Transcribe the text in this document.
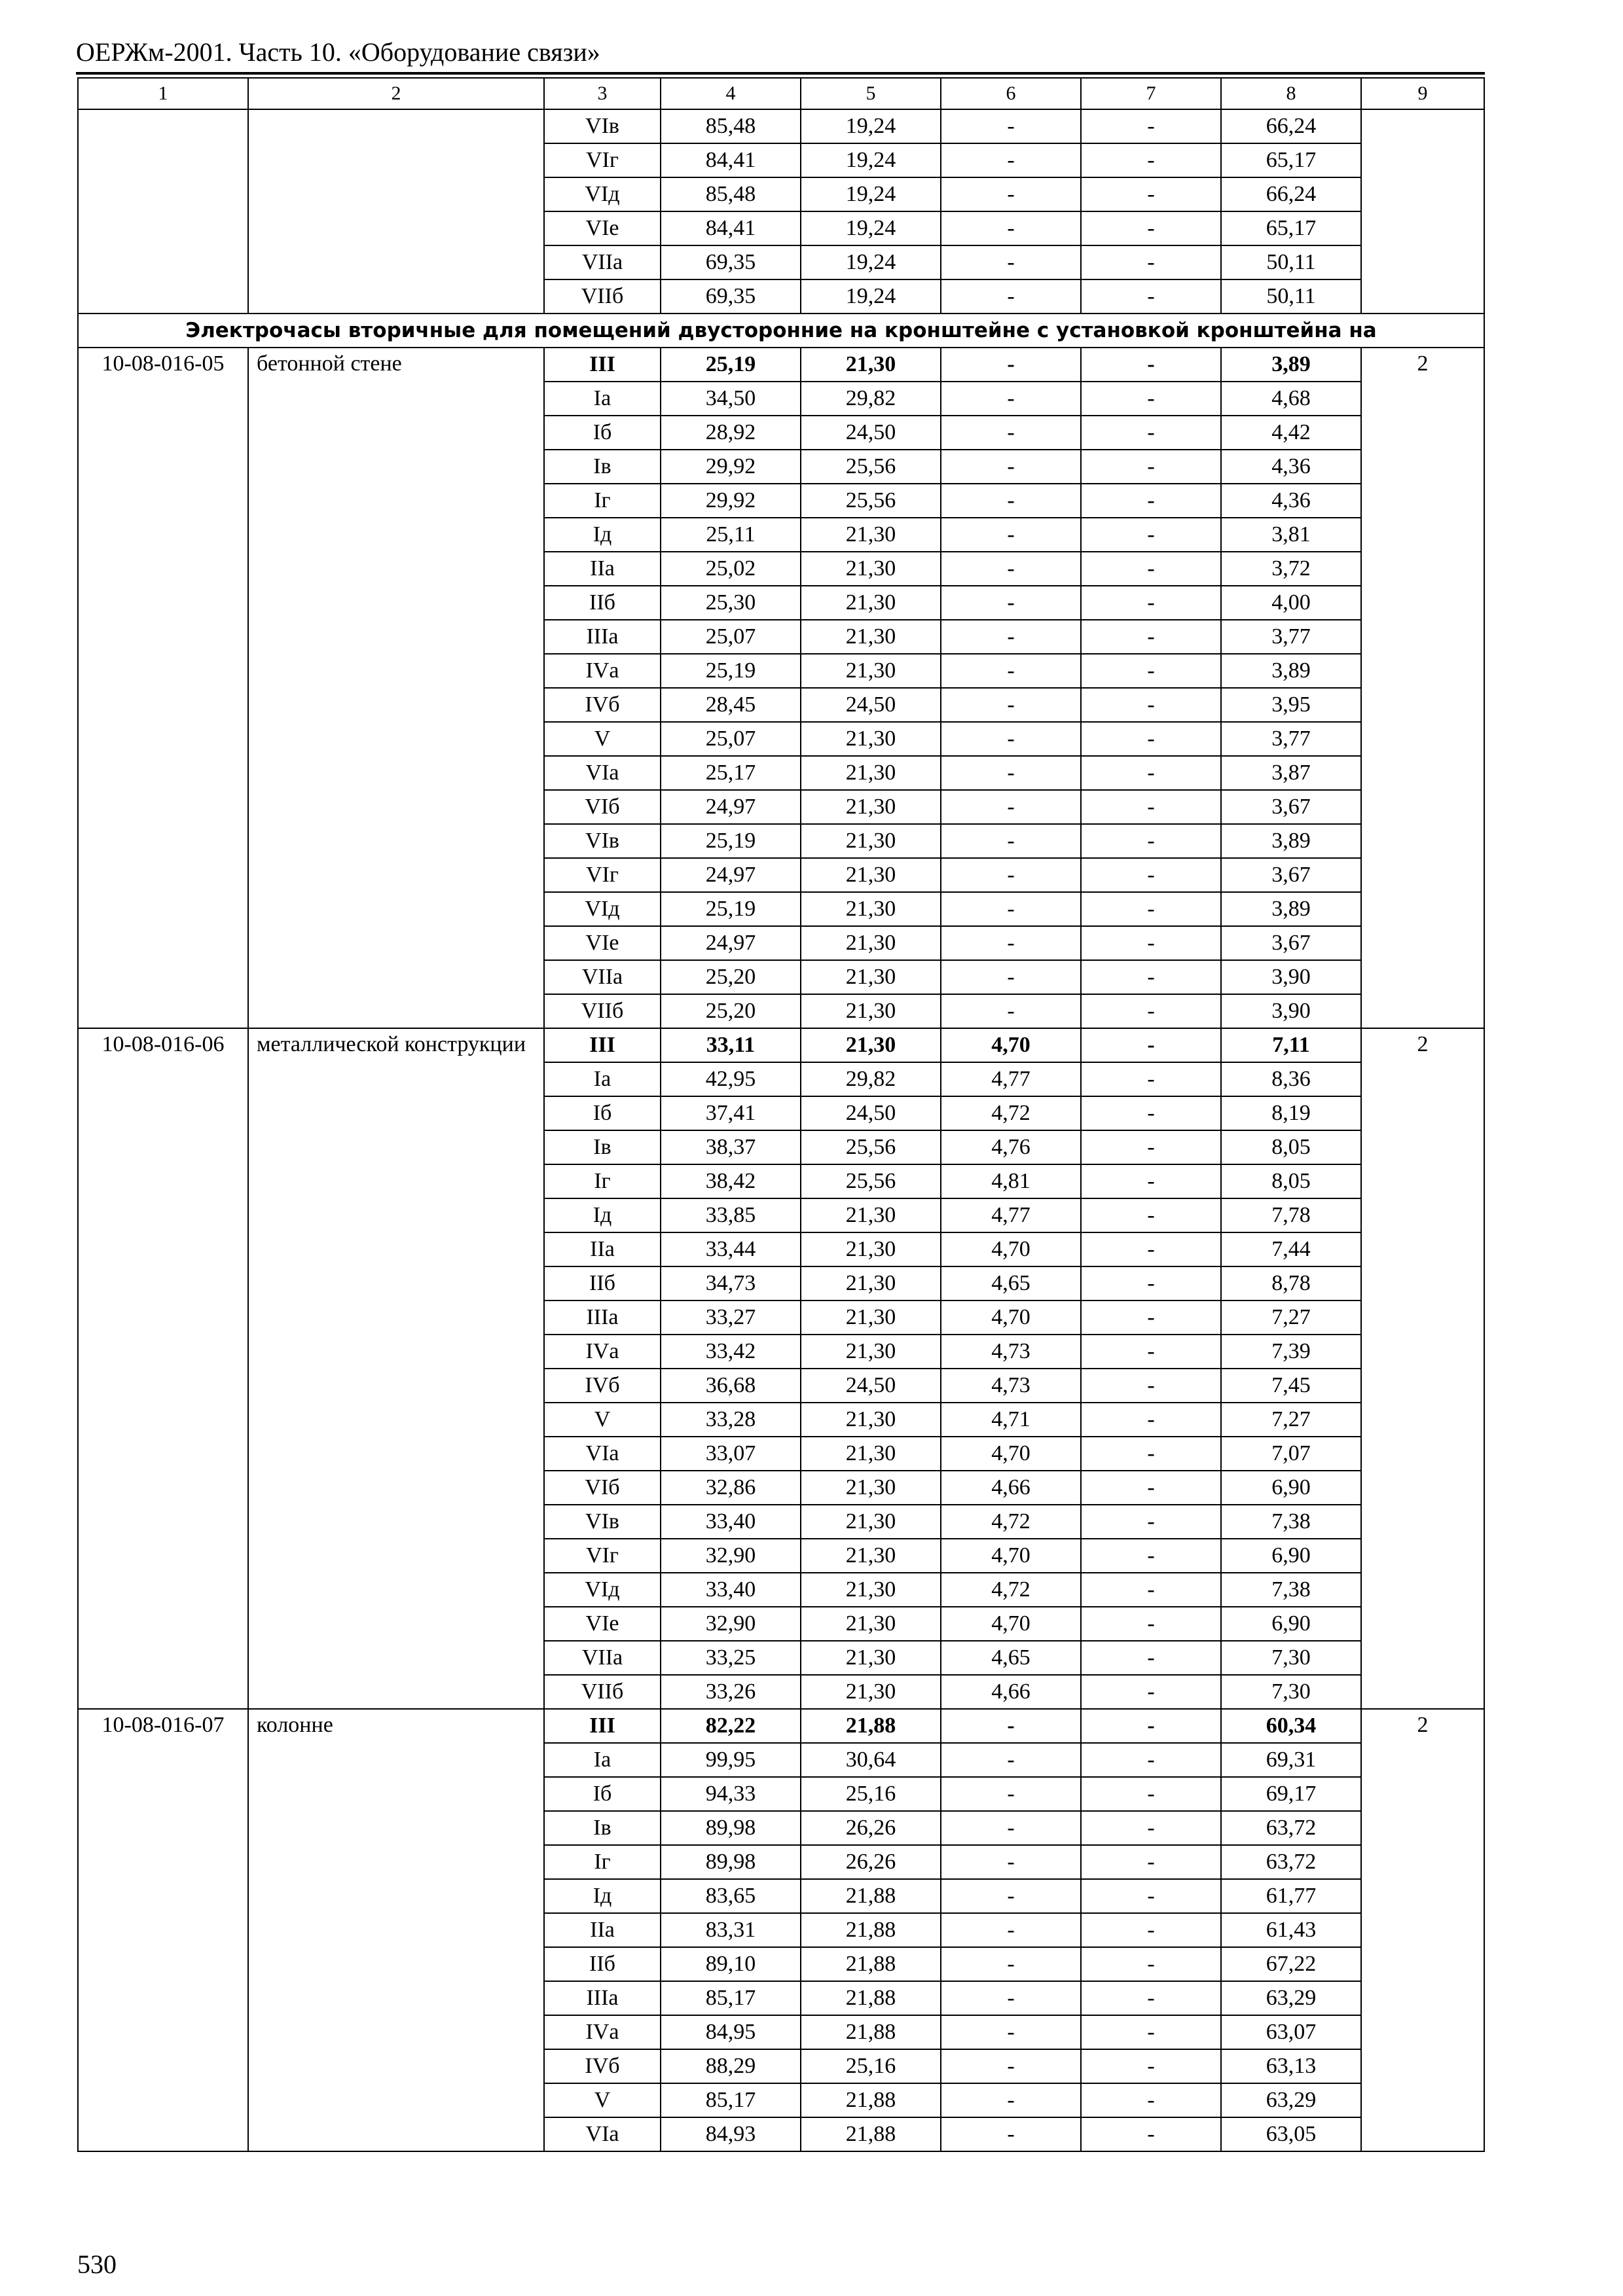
ОЕРЖм-2001. Часть 10. «Оборудование связи»
1	2	3	4	5	6	7	8	9
		VIв	85,48	19,24	-	-	66,24	
		VIг	84,41	19,24	-	-	65,17	
		VIд	85,48	19,24	-	-	66,24	
		VIе	84,41	19,24	-	-	65,17	
		VIIа	69,35	19,24	-	-	50,11	
		VIIб	69,35	19,24	-	-	50,11	
Электрочасы вторичные для помещений двусторонние на кронштейне с установкой кронштейна на								
10-08-016-05	бетонной стене	III	25,19	21,30	-	-	3,89	2
		Iа	34,50	29,82	-	-	4,68	
		Iб	28,92	24,50	-	-	4,42	
		Iв	29,92	25,56	-	-	4,36	
		Iг	29,92	25,56	-	-	4,36	
		Iд	25,11	21,30	-	-	3,81	
		IIа	25,02	21,30	-	-	3,72	
		IIб	25,30	21,30	-	-	4,00	
		IIIа	25,07	21,30	-	-	3,77	
		IVа	25,19	21,30	-	-	3,89	
		IVб	28,45	24,50	-	-	3,95	
		V	25,07	21,30	-	-	3,77	
		VIа	25,17	21,30	-	-	3,87	
		VIб	24,97	21,30	-	-	3,67	
		VIв	25,19	21,30	-	-	3,89	
		VIг	24,97	21,30	-	-	3,67	
		VIд	25,19	21,30	-	-	3,89	
		VIе	24,97	21,30	-	-	3,67	
		VIIа	25,20	21,30	-	-	3,90	
		VIIб	25,20	21,30	-	-	3,90	
10-08-016-06	металлической конструкции	III	33,11	21,30	4,70	-	7,11	2
		Iа	42,95	29,82	4,77	-	8,36	
		Iб	37,41	24,50	4,72	-	8,19	
		Iв	38,37	25,56	4,76	-	8,05	
		Iг	38,42	25,56	4,81	-	8,05	
		Iд	33,85	21,30	4,77	-	7,78	
		IIа	33,44	21,30	4,70	-	7,44	
		IIб	34,73	21,30	4,65	-	8,78	
		IIIа	33,27	21,30	4,70	-	7,27	
		IVа	33,42	21,30	4,73	-	7,39	
		IVб	36,68	24,50	4,73	-	7,45	
		V	33,28	21,30	4,71	-	7,27	
		VIа	33,07	21,30	4,70	-	7,07	
		VIб	32,86	21,30	4,66	-	6,90	
		VIв	33,40	21,30	4,72	-	7,38	
		VIг	32,90	21,30	4,70	-	6,90	
		VIд	33,40	21,30	4,72	-	7,38	
		VIе	32,90	21,30	4,70	-	6,90	
		VIIа	33,25	21,30	4,65	-	7,30	
		VIIб	33,26	21,30	4,66	-	7,30	
10-08-016-07	колонне	III	82,22	21,88	-	-	60,34	2
		Iа	99,95	30,64	-	-	69,31	
		Iб	94,33	25,16	-	-	69,17	
		Iв	89,98	26,26	-	-	63,72	
		Iг	89,98	26,26	-	-	63,72	
		Iд	83,65	21,88	-	-	61,77	
		IIа	83,31	21,88	-	-	61,43	
		IIб	89,10	21,88	-	-	67,22	
		IIIа	85,17	21,88	-	-	63,29	
		IVа	84,95	21,88	-	-	63,07	
		IVб	88,29	25,16	-	-	63,13	
		V	85,17	21,88	-	-	63,29	
		VIа	84,93	21,88	-	-	63,05	
530
